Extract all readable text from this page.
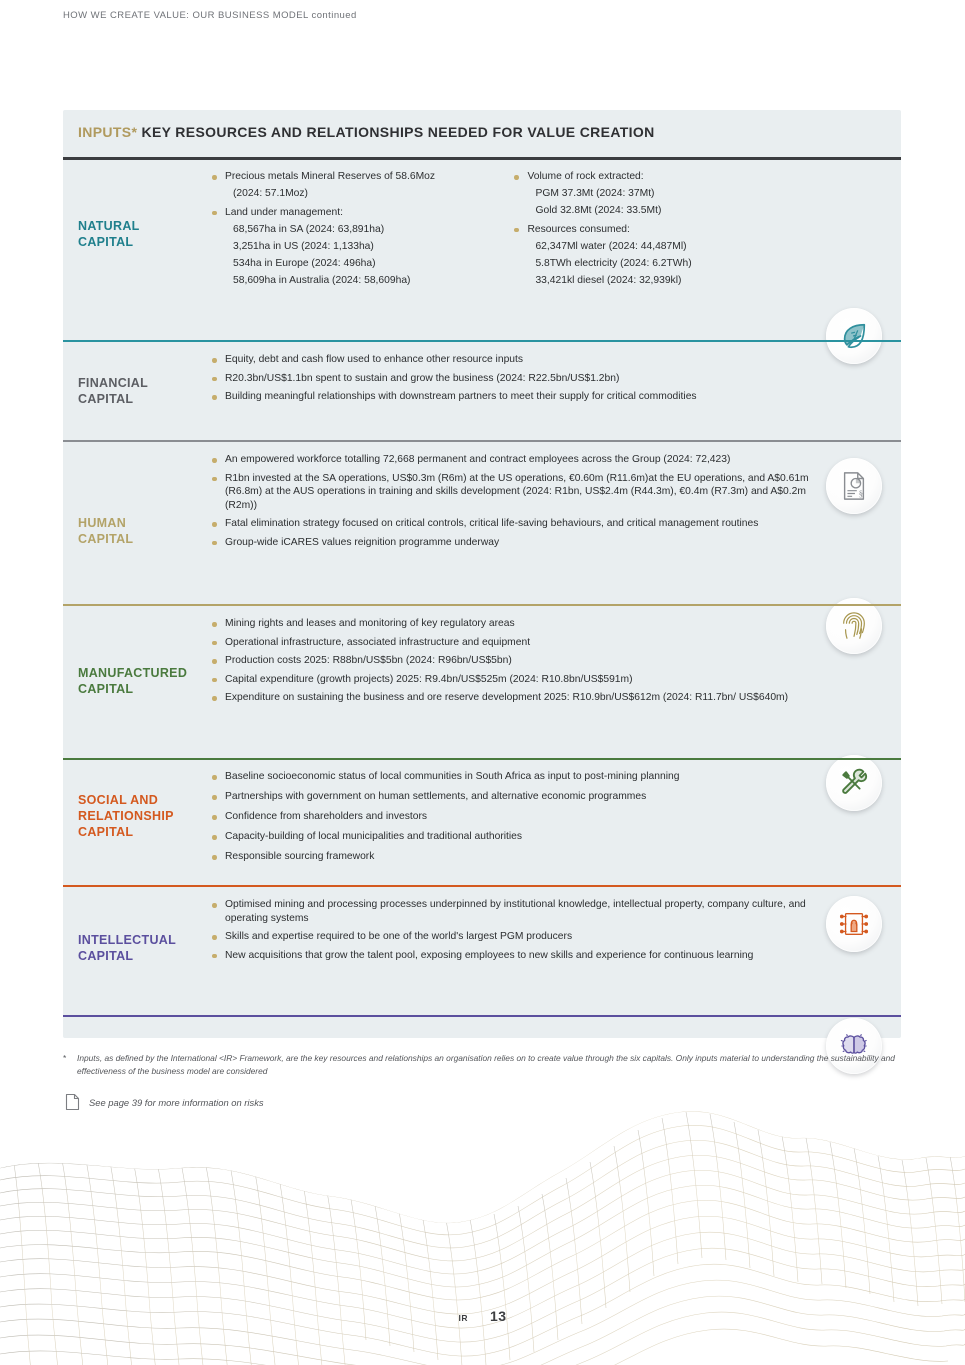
HOW WE CREATE VALUE: OUR BUSINESS MODEL continued
INPUTS* KEY RESOURCES AND RELATIONSHIPS NEEDED FOR VALUE CREATION
NATURAL
CAPITAL
Precious metals Mineral Reserves of 58.6Moz
(2024: 57.1Moz)
Land under management:
68,567ha in SA (2024: 63,891ha)
3,251ha in US (2024: 1,133ha)
534ha in Europe (2024: 496ha)
58,609ha in Australia (2024: 58,609ha)

Volume of rock extracted:
PGM 37.3Mt (2024: 37Mt)
Gold 32.8Mt (2024: 33.5Mt)
Resources consumed:
62,347Ml water (2024: 44,487Ml)
5.8TWh electricity (2024: 6.2TWh)
33,421kl diesel (2024: 32,939kl)
FINANCIAL
CAPITAL
Equity, debt and cash flow used to enhance other resource inputs
R20.3bn/US$1.1bn spent to sustain and grow the business (2024: R22.5bn/US$1.2bn)
Building meaningful relationships with downstream partners to meet their supply for critical commodities
§
HUMAN
CAPITAL
An empowered workforce totalling 72,668 permanent and contract employees across the Group (2024: 72,423)
R1bn invested at the SA operations, US$0.3m (R6m) at the US operations, €0.60m (R11.6m)at the EU operations, and A$0.61m (R6.8m) at the AUS operations in training and skills development (2024: R1bn, US$2.4m (R44.3m), €0.4m (R7.3m) and A$0.2m (R2m))
Fatal elimination strategy focused on critical controls, critical life-saving behaviours, and critical management routines
Group-wide iCARES values reignition programme underway
MANUFACTURED
CAPITAL
Mining rights and leases and monitoring of key regulatory areas
Operational infrastructure, associated infrastructure and equipment
Production costs 2025: R88bn/US$5bn (2024: R96bn/US$5bn)
Capital expenditure (growth projects) 2025: R9.4bn/US$525m (2024: R10.8bn/US$591m)
Expenditure on sustaining the business and ore reserve development 2025: R10.9bn/US$612m (2024: R11.7bn/ US$640m)
SOCIAL AND
RELATIONSHIP
CAPITAL
Baseline socioeconomic status of local communities in South Africa as input to post-mining planning
Partnerships with government on human settlements, and alternative economic programmes
Confidence from shareholders and investors
Capacity-building of local municipalities and traditional authorities
Responsible sourcing framework
INTELLECTUAL
CAPITAL
Optimised mining and processing processes underpinned by institutional knowledge, intellectual property, company culture, and operating systems
Skills and expertise required to be one of the world's largest PGM producers
New acquisitions that grow the talent pool, exposing employees to new skills and experience for continuous learning
*	Inputs, as defined by the International <IR> Framework, are the key resources and relationships an organisation relies on to create value through the six capitals. Only inputs material to understanding the sustainability and effectiveness of the business model are considered
See page 39 for more information on risks
IR 13
